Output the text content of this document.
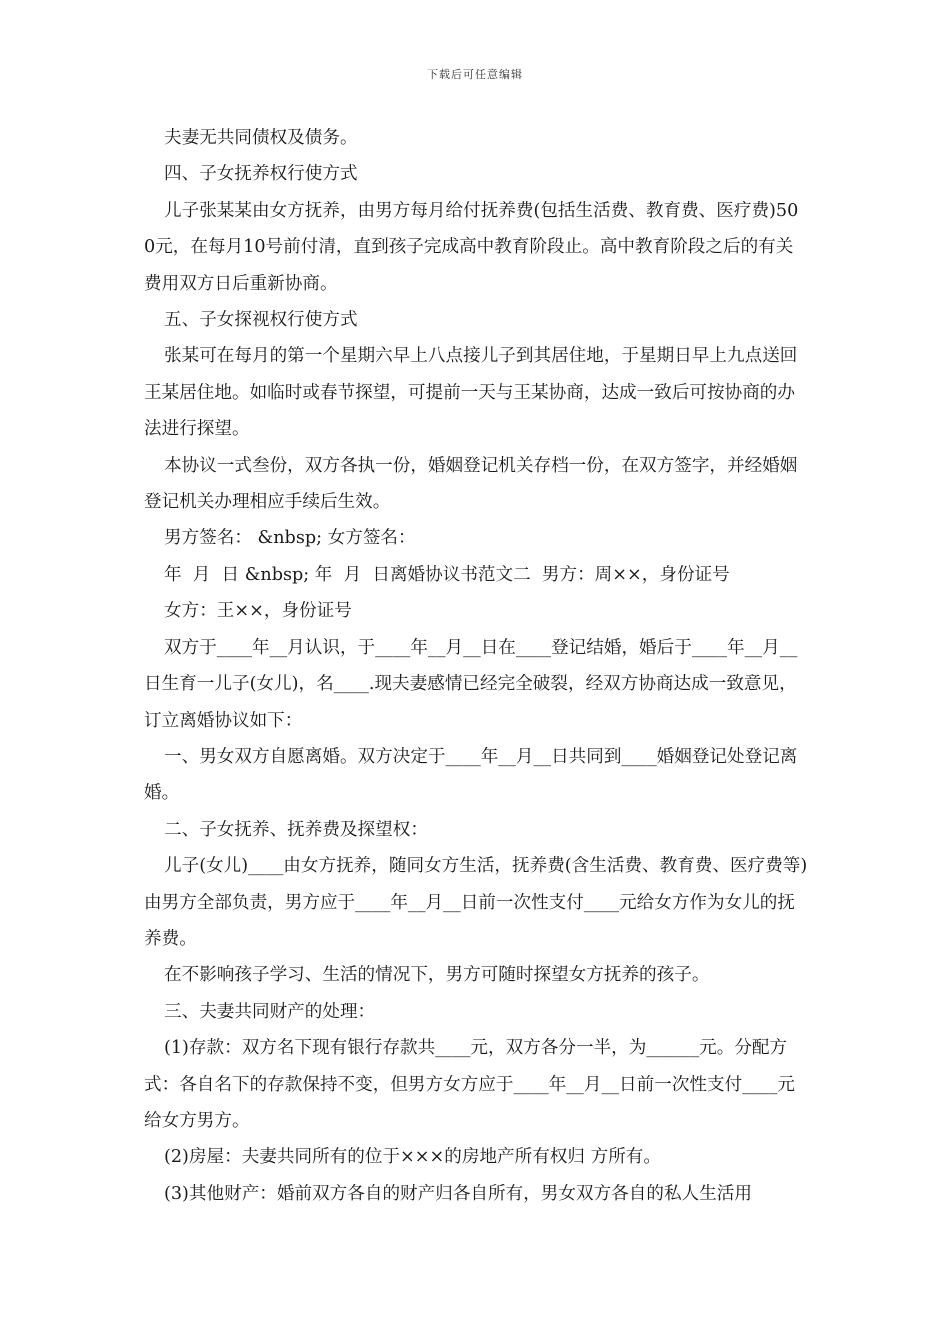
下载后可任意编辑

夫妻无共同债权及债务。

四、子女抚养权行使方式

儿子张某某由女方抚养，由男方每月给付抚养费(包括生活费、教育费、医疗费)500元，在每月10号前付清，直到孩子完成高中教育阶段止。高中教育阶段之后的有关费用双方日后重新协商。

五、子女探视权行使方式

张某可在每月的第一个星期六早上八点接儿子到其居住地，于星期日早上九点送回王某居住地。如临时或春节探望，可提前一天与王某协商，达成一致后可按协商的办法进行探望。

本协议一式叁份，双方各执一份，婚姻登记机关存档一份，在双方签字，并经婚姻登记机关办理相应手续后生效。

男方签名： &nbsp; 女方签名：

年  月  日 &nbsp; 年  月  日离婚协议书范文二  男方：周××，身份证号

女方：王××，身份证号

双方于____年__月认识，于____年__月__日在____登记结婚，婚后于____年__月__日生育一儿子(女儿)，名____.现夫妻感情已经完全破裂，经双方协商达成一致意见，订立离婚协议如下：

一、男女双方自愿离婚。双方决定于____年__月__日共同到____婚姻登记处登记离婚。

二、子女抚养、抚养费及探望权：

儿子(女儿)____由女方抚养，随同女方生活，抚养费(含生活费、教育费、医疗费等)由男方全部负责，男方应于____年__月__日前一次性支付____元给女方作为女儿的抚养费。

在不影响孩子学习、生活的情况下，男方可随时探望女方抚养的孩子。

三、夫妻共同财产的处理：

(1)存款：双方名下现有银行存款共____元，双方各分一半，为______元。分配方式：各自名下的存款保持不变，但男方女方应于____年__月__日前一次性支付____元给女方男方。

(2)房屋：夫妻共同所有的位于×××的房地产所有权归 方所有。

(3)其他财产：婚前双方各自的财产归各自所有，男女双方各自的私人生活用
